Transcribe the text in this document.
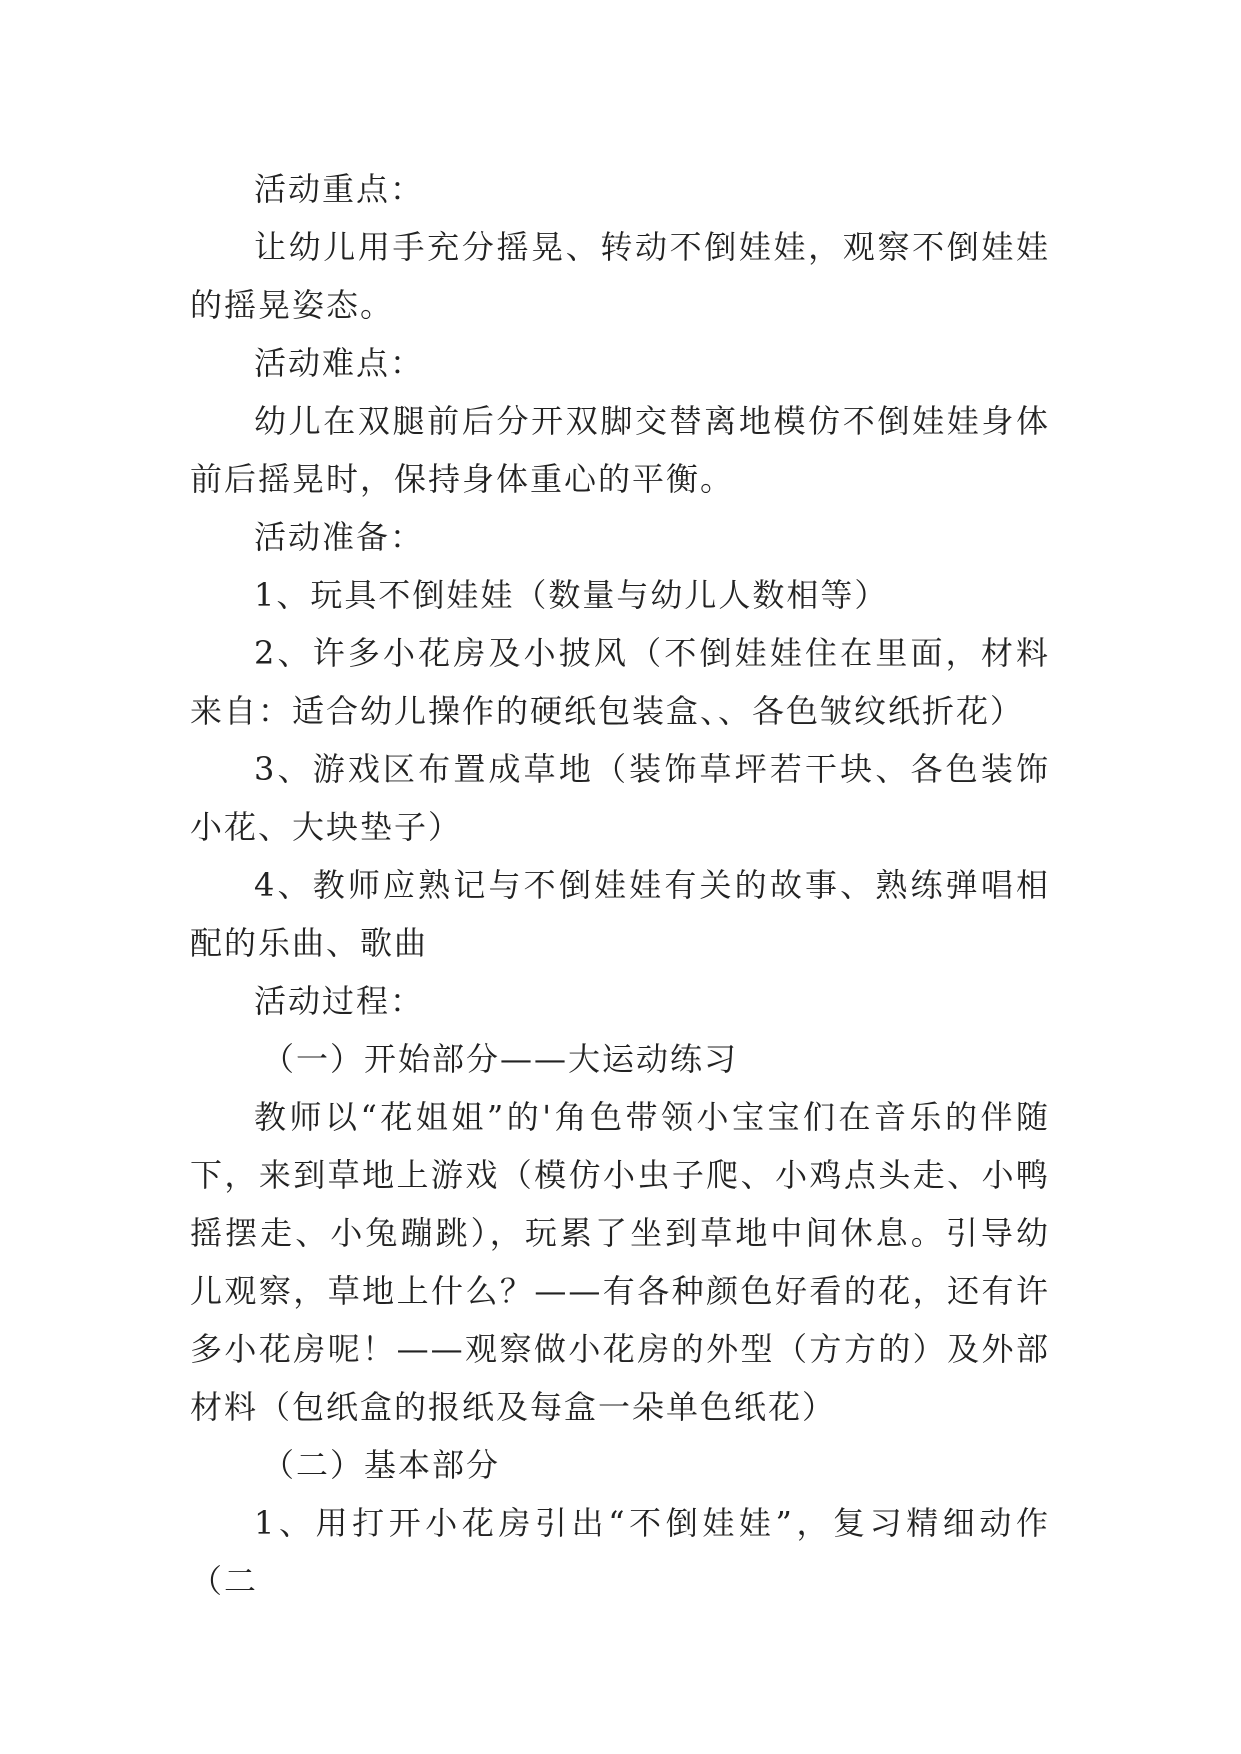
活动重点：

让幼儿用手充分摇晃、转动不倒娃娃，观察不倒娃娃的摇晃姿态。

活动难点：

幼儿在双腿前后分开双脚交替离地模仿不倒娃娃身体前后摇晃时，保持身体重心的平衡。

活动准备：

1、玩具不倒娃娃（数量与幼儿人数相等）

2、许多小花房及小披风（不倒娃娃住在里面，材料来自：适合幼儿操作的硬纸包装盒、、各色皱纹纸折花）

3、游戏区布置成草地（装饰草坪若干块、各色装饰小花、大块垫子）

4、教师应熟记与不倒娃娃有关的故事、熟练弹唱相配的乐曲、歌曲

活动过程：

（一）开始部分——大运动练习

教师以“花姐姐”的'角色带领小宝宝们在音乐的伴随下，来到草地上游戏（模仿小虫子爬、小鸡点头走、小鸭摇摆走、小兔蹦跳），玩累了坐到草地中间休息。引导幼儿观察，草地上什么？——有各种颜色好看的花，还有许多小花房呢！——观察做小花房的外型（方方的）及外部材料（包纸盒的报纸及每盒一朵单色纸花）

（二）基本部分

1、用打开小花房引出“不倒娃娃”，复习精细动作（二
